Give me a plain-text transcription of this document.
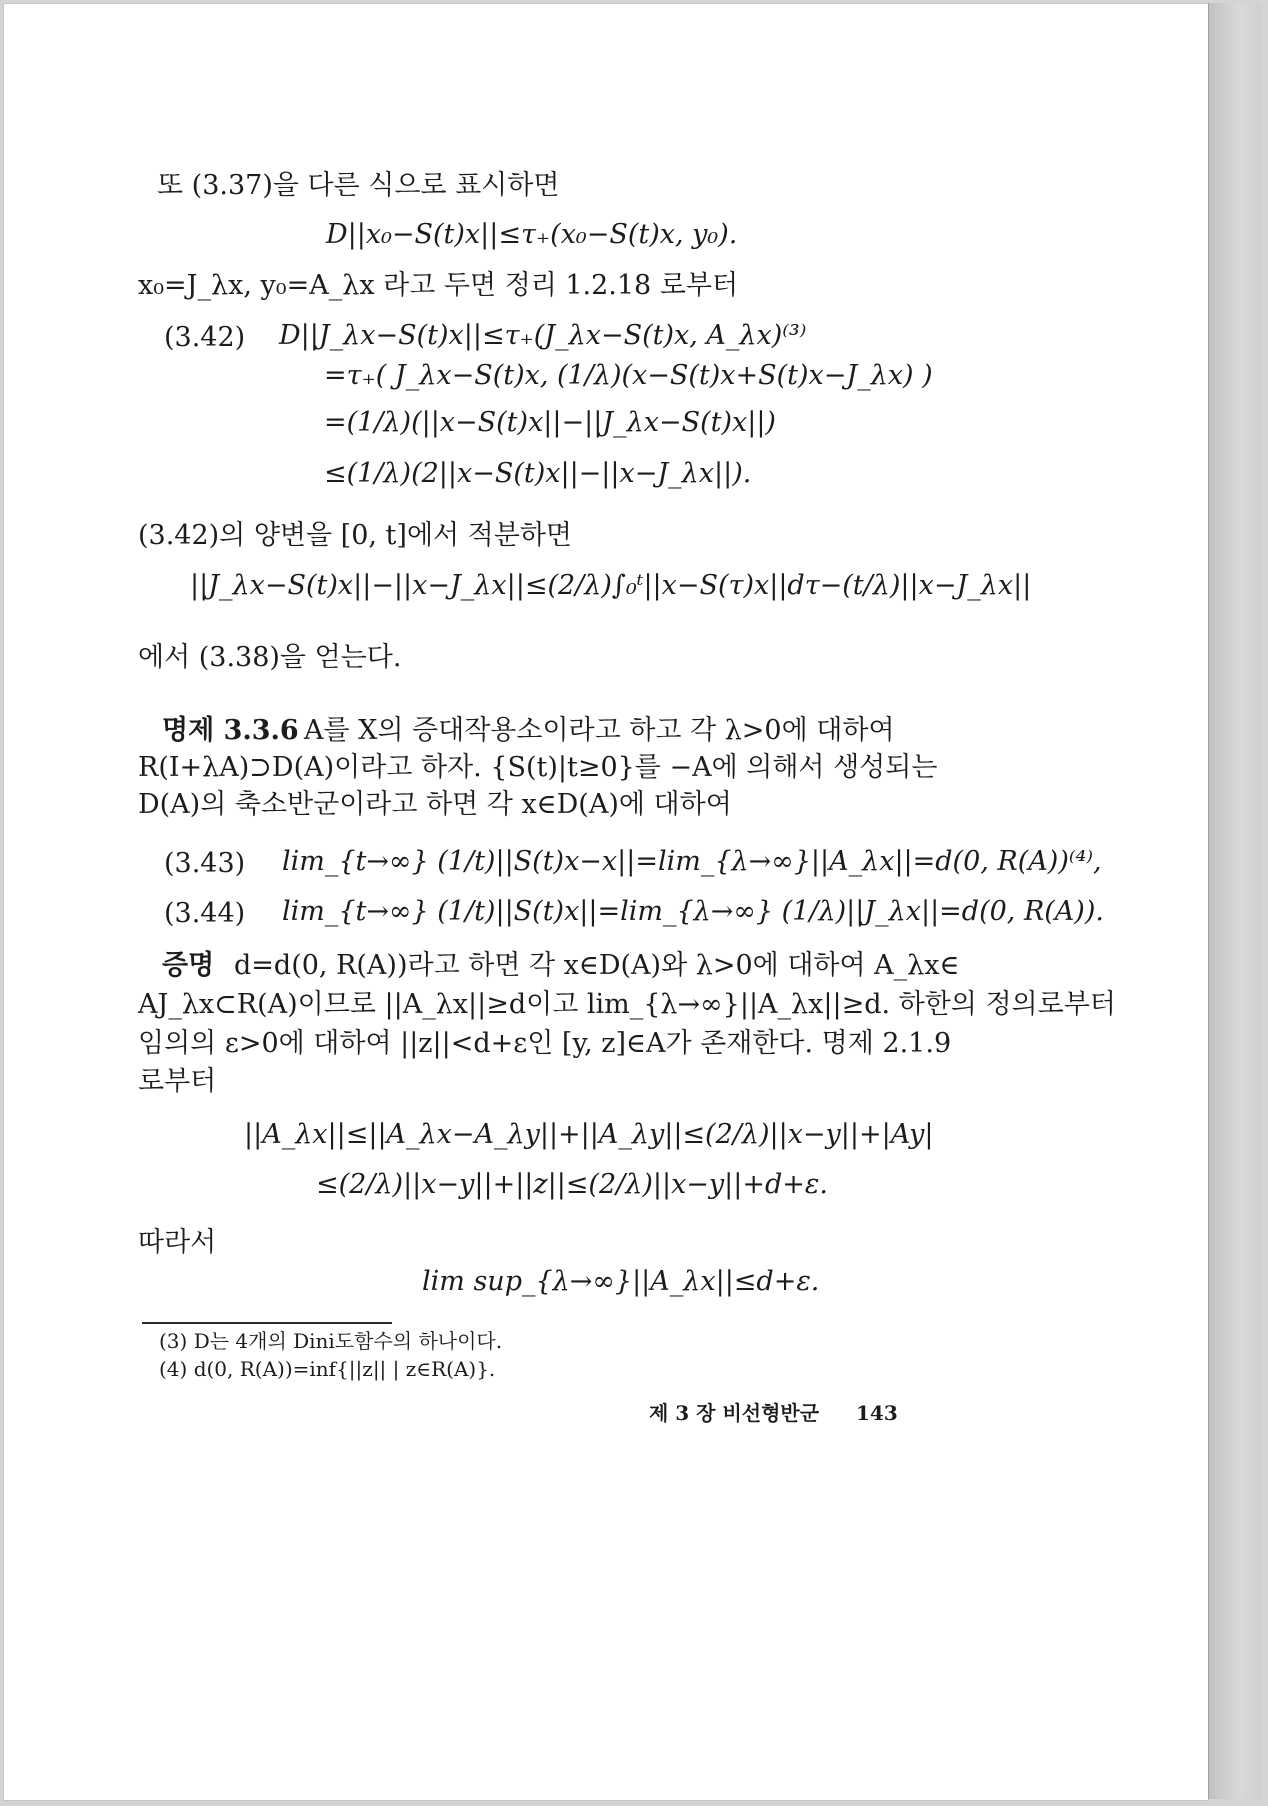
또 (3.37)을 다른 식으로 표시하면
D||x₀−S(t)x||≤τ₊(x₀−S(t)x, y₀).
x₀=J_λx, y₀=A_λx 라고 두면 정리 1.2.18 로부터
(3.42) D||J_λx−S(t)x||≤τ₊(J_λx−S(t)x, A_λx)⁽³⁾
=τ₊( J_λx−S(t)x, (1/λ)(x−S(t)x+S(t)x−J_λx) )
=(1/λ)(||x−S(t)x||−||J_λx−S(t)x||)
≤(1/λ)(2||x−S(t)x||−||x−J_λx||).
(3.42)의 양변을 [0, t]에서 적분하면
||J_λx−S(t)x||−||x−J_λx||≤(2/λ)∫₀ᵗ||x−S(τ)x||dτ−(t/λ)||x−J_λx||
에서 (3.38)을 얻는다.
명제 3.3.6 A를 X의 증대작용소이라고 하고 각 λ>0에 대하여
R(I+λA)⊃D(A)이라고 하자. {S(t)|t≥0}를 −A에 의해서 생성되는
D(A)의 축소반군이라고 하면 각 x∈D(A)에 대하여
(3.43) lim_{t→∞} (1/t)||S(t)x−x||=lim_{λ→∞}||A_λx||=d(0, R(A))⁽⁴⁾,
(3.44) lim_{t→∞} (1/t)||S(t)x||=lim_{λ→∞} (1/λ)||J_λx||=d(0, R(A)).
증명 d=d(0, R(A))라고 하면 각 x∈D(A)와 λ>0에 대하여 A_λx∈
AJ_λx⊂R(A)이므로 ||A_λx||≥d이고 lim_{λ→∞}||A_λx||≥d. 하한의 정의로부터
임의의 ε>0에 대하여 ||z||<d+ε인 [y, z]∈A가 존재한다. 명제 2.1.9
로부터
||A_λx||≤||A_λx−A_λy||+||A_λy||≤(2/λ)||x−y||+|Ay|
≤(2/λ)||x−y||+||z||≤(2/λ)||x−y||+d+ε.
따라서
lim sup_{λ→∞}||A_λx||≤d+ε.
(3) D는 4개의 Dini도함수의 하나이다.
(4) d(0, R(A))=inf{||z|| | z∈R(A)}.
제 3 장 비선형반군 143
